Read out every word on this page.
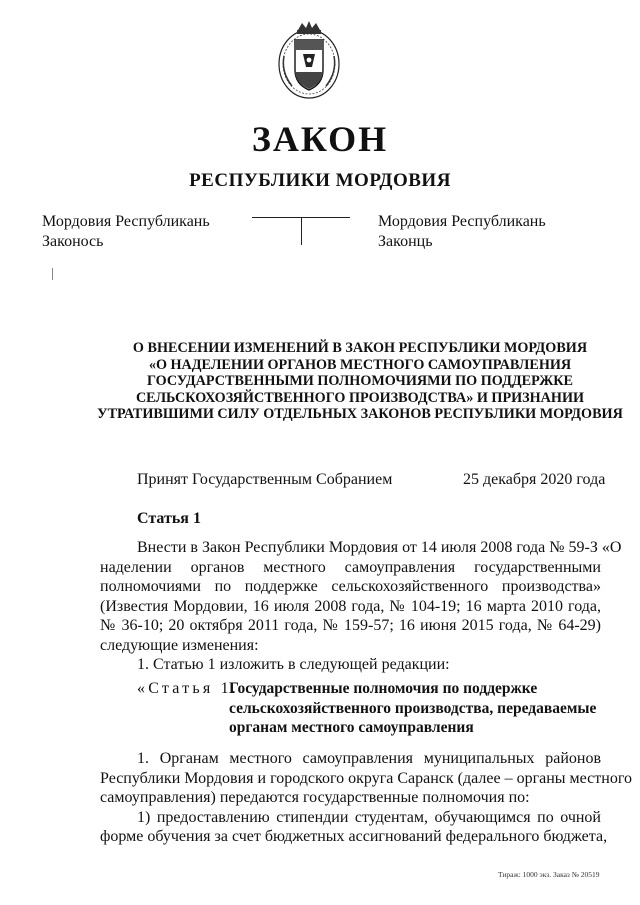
ЗАКОН
РЕСПУБЛИКИ МОРДОВИЯ
Мордовия Республикань
Законось
Мордовия Республикань
Законць
О ВНЕСЕНИИ ИЗМЕНЕНИЙ В ЗАКОН РЕСПУБЛИКИ МОРДОВИЯ
«О НАДЕЛЕНИИ ОРГАНОВ МЕСТНОГО САМОУПРАВЛЕНИЯ
ГОСУДАРСТВЕННЫМИ ПОЛНОМОЧИЯМИ ПО ПОДДЕРЖКЕ
СЕЛЬСКОХОЗЯЙСТВЕННОГО ПРОИЗВОДСТВА» И ПРИЗНАНИИ
УТРАТИВШИМИ СИЛУ ОТДЕЛЬНЫХ ЗАКОНОВ РЕСПУБЛИКИ МОРДОВИЯ
Принят Государственным Собранием	25 декабря 2020 года
Статья 1
Внести в Закон Республики Мордовия от 14 июля 2008 года № 59-З «О
наделении органов местного самоуправления государственными
полномочиями по поддержке сельскохозяйственного производства»
(Известия Мордовии, 16 июля 2008 года, № 104-19; 16 марта 2010 года,
№ 36-10; 20 октября 2011 года, № 159-57; 16 июня 2015 года, № 64-29)
следующие изменения:
1. Статью 1 изложить в следующей редакции:
«Статья 1.
Государственные полномочия по поддержке
сельскохозяйственного производства, передаваемые
органам местного самоуправления
1. Органам местного самоуправления муниципальных районов
Республики Мордовия и городского округа Саранск (далее – органы местного
самоуправления) передаются государственные полномочия по:
1) предоставлению стипендии студентам, обучающимся по очной
форме обучения за счет бюджетных ассигнований федерального бюджета,
Тираж: 1000 экз. Заказ № 20519
